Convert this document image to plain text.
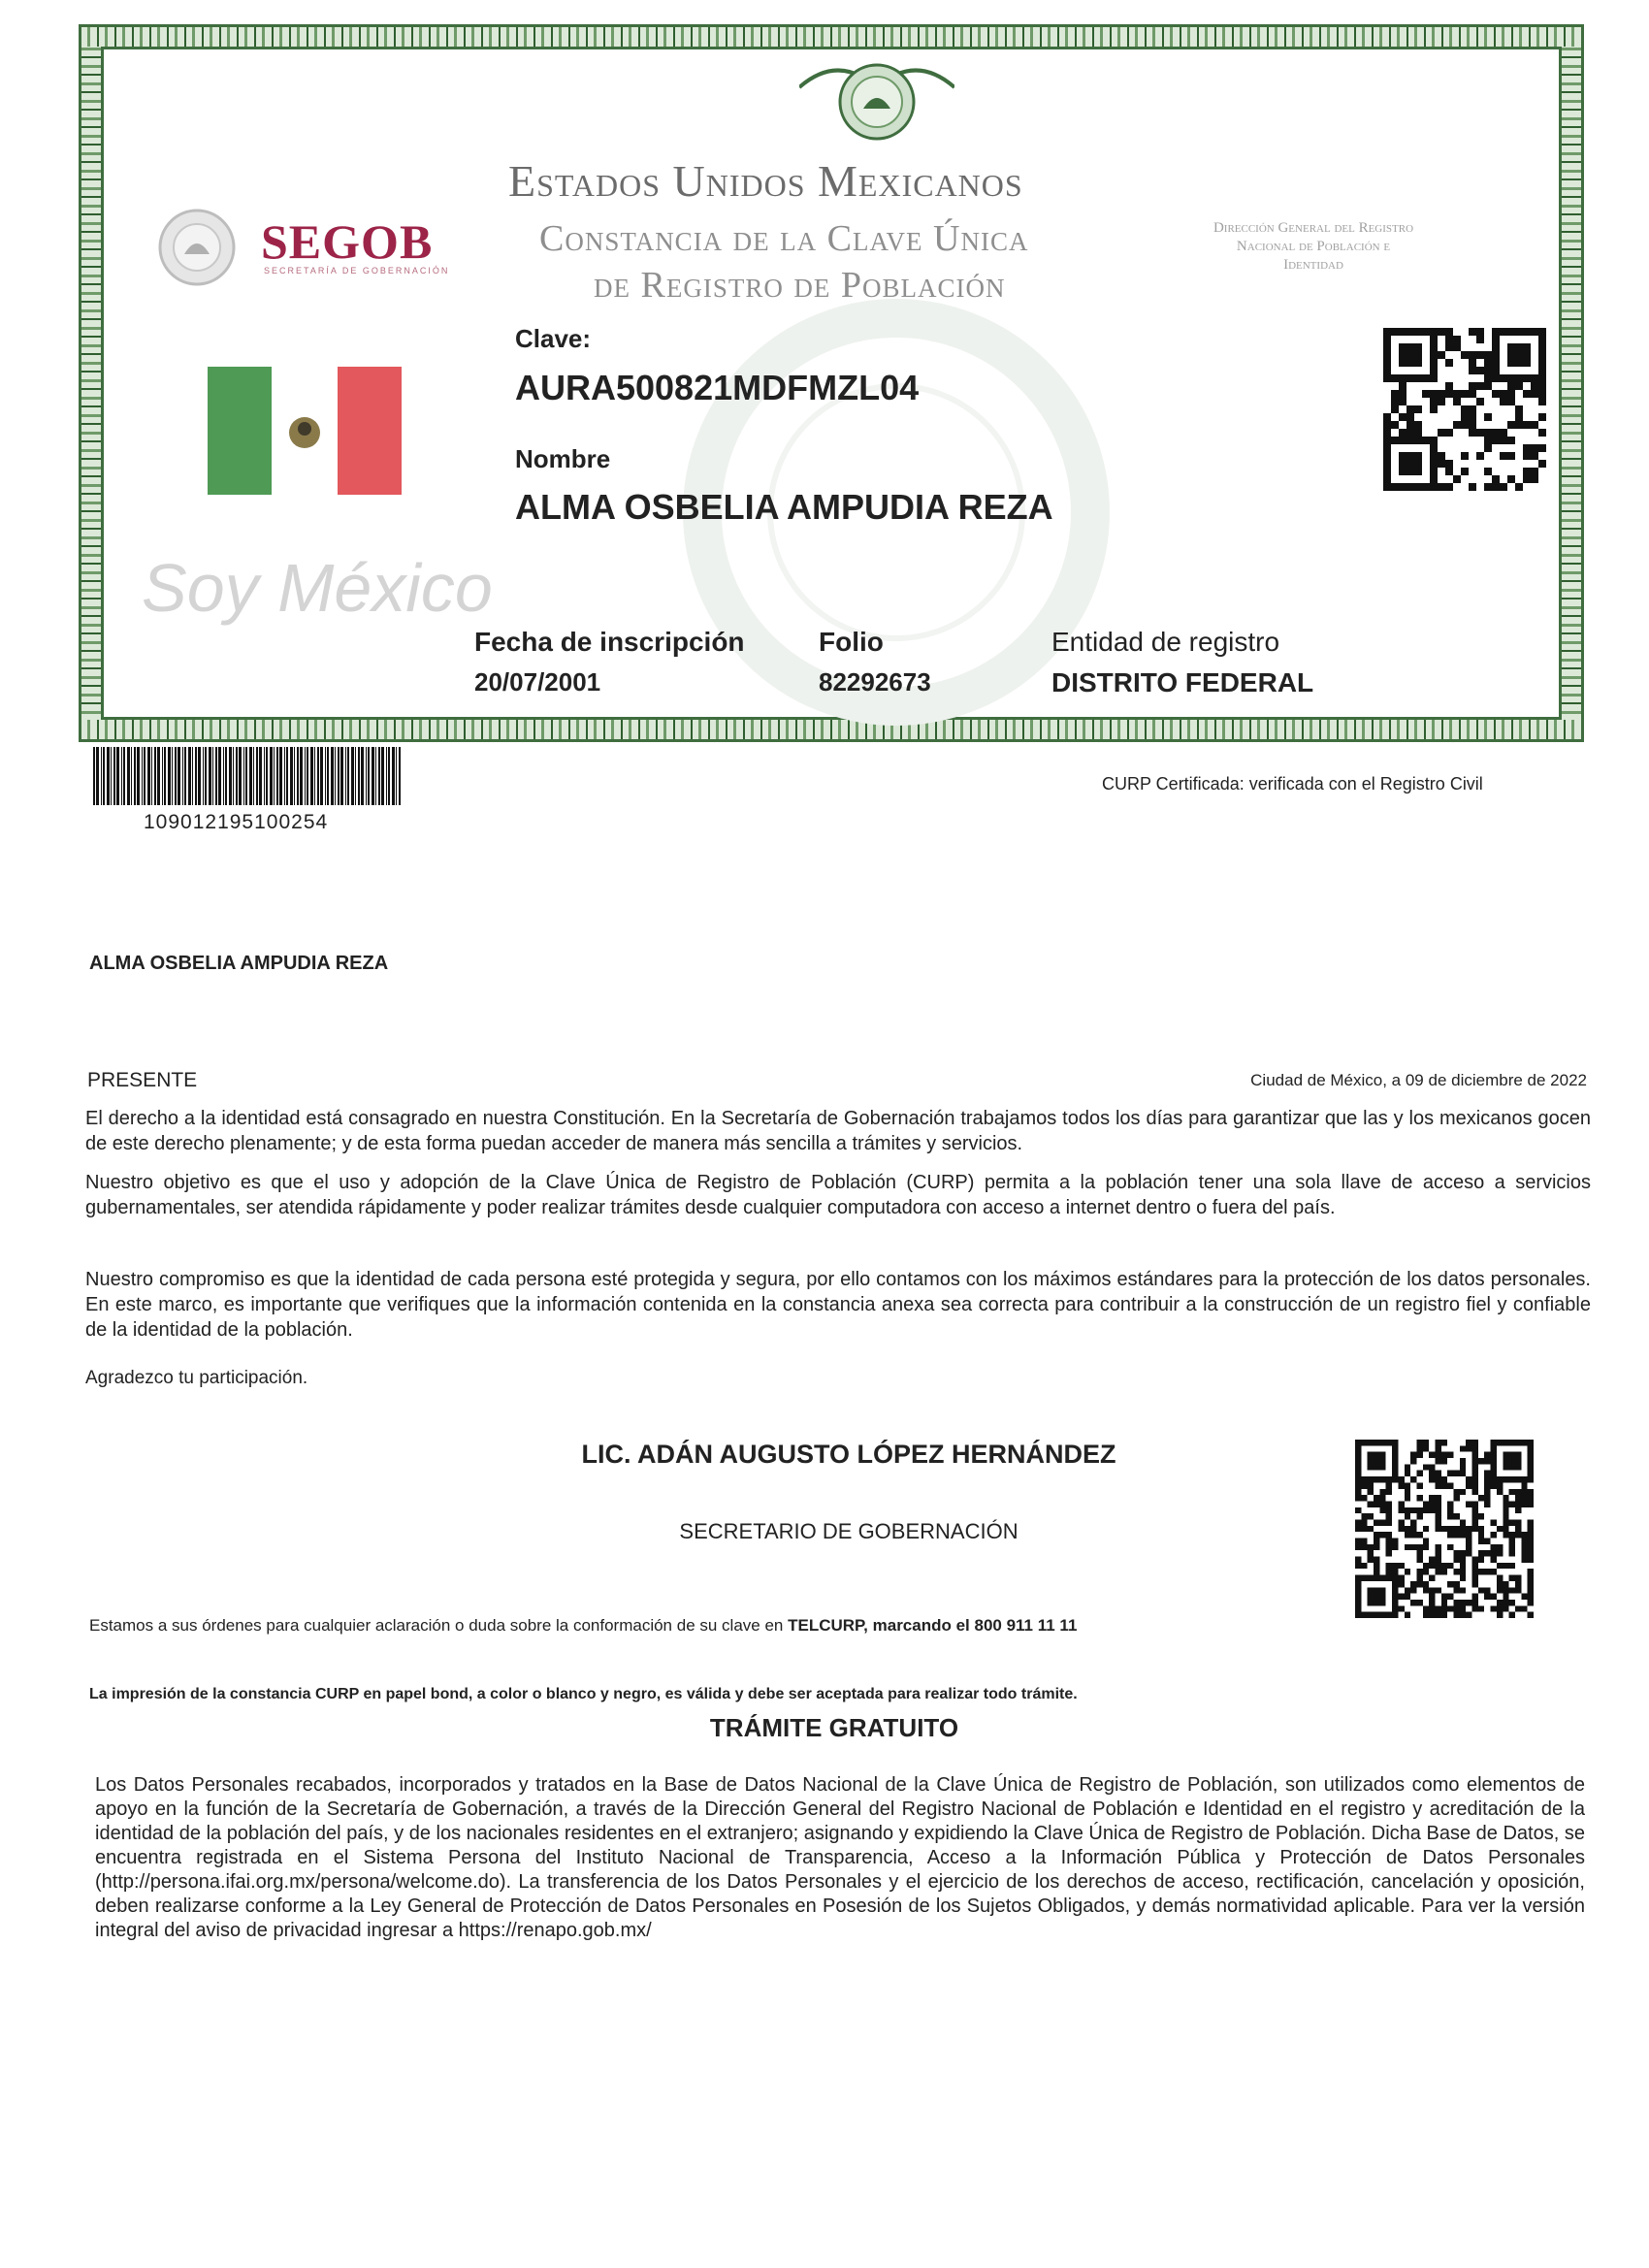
SEGOB
SECRETARÍA DE GOBERNACIÓN
Estados Unidos Mexicanos
Constancia de la Clave Única
de Registro de Población
Dirección General del Registro Nacional de Población e Identidad
Clave:
AURA500821MDFMZL04
Nombre
ALMA OSBELIA AMPUDIA REZA
Soy México
Fecha de inscripción
20/07/2001
Folio
82292673
Entidad de registro
DISTRITO FEDERAL
109012195100254
CURP Certificada: verificada con el Registro Civil
ALMA OSBELIA AMPUDIA REZA
PRESENTE	Ciudad de México, a 09 de diciembre de 2022
El derecho a la identidad está consagrado en nuestra Constitución. En la Secretaría de Gobernación trabajamos todos los días para garantizar que las y los mexicanos gocen de este derecho plenamente; y de esta forma puedan acceder de manera más sencilla a trámites y servicios.
Nuestro objetivo es que el uso y adopción de la Clave Única de Registro de Población (CURP) permita a la población tener una sola llave de acceso a servicios gubernamentales, ser atendida rápidamente y poder realizar trámites desde cualquier computadora con acceso a internet dentro o fuera del país.
Nuestro compromiso es que la identidad de cada persona esté protegida y segura, por ello contamos con los máximos estándares para la protección de los datos personales. En este marco, es importante que verifiques que la información contenida en la constancia anexa sea correcta para contribuir a la construcción de un registro fiel y confiable de la identidad de la población.
Agradezco tu participación.
LIC. ADÁN AUGUSTO LÓPEZ HERNÁNDEZ
SECRETARIO DE GOBERNACIÓN
Estamos a sus órdenes para cualquier aclaración o duda sobre la conformación de su clave en TELCURP, marcando el 800 911 11 11
La impresión de la constancia CURP en papel bond, a color o blanco y negro, es válida y debe ser aceptada para realizar todo trámite.
TRÁMITE GRATUITO
Los Datos Personales recabados, incorporados y tratados en la Base de Datos Nacional de la Clave Única de Registro de Población, son utilizados como elementos de apoyo en la función de la Secretaría de Gobernación, a través de la Dirección General del Registro Nacional de Población e Identidad en el registro y acreditación de la identidad de la población del país, y de los nacionales residentes en el extranjero; asignando y expidiendo la Clave Única de Registro de Población. Dicha Base de Datos, se encuentra registrada en el Sistema Persona del Instituto Nacional de Transparencia, Acceso a la Información Pública y Protección de Datos Personales (http://persona.ifai.org.mx/persona/welcome.do). La transferencia de los Datos Personales y el ejercicio de los derechos de acceso, rectificación, cancelación y oposición, deben realizarse conforme a la Ley General de Protección de Datos Personales en Posesión de los Sujetos Obligados, y demás normatividad aplicable. Para ver la versión integral del aviso de privacidad ingresar a https://renapo.gob.mx/
